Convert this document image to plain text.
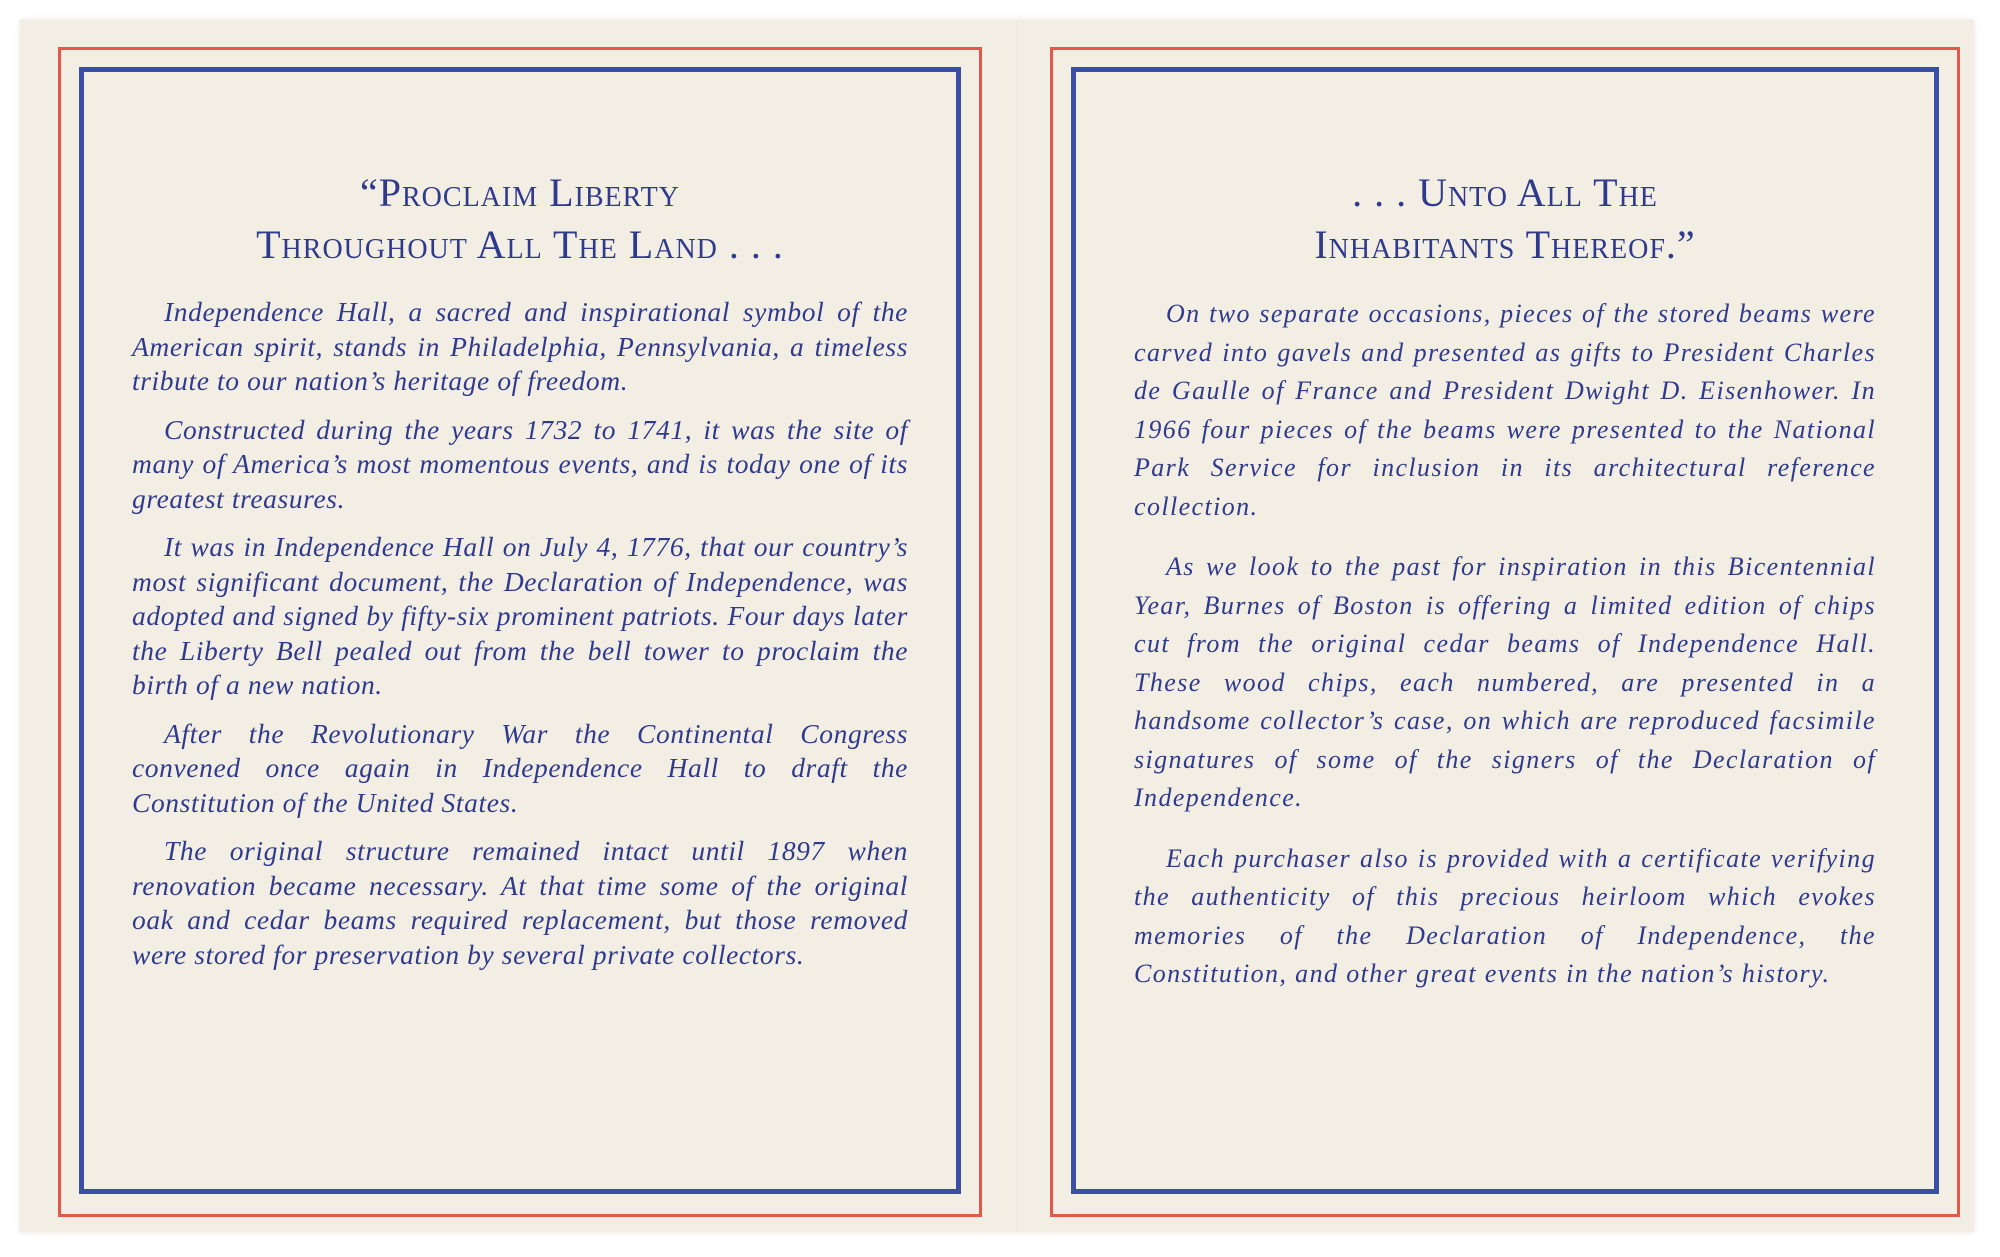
“Proclaim Liberty
Throughout All The Land . . .

Independence Hall, a sacred and inspirational symbol of the American spirit, stands in Philadelphia, Pennsylvania, a timeless tribute to our nation’s heritage of freedom.

Constructed during the years 1732 to 1741, it was the site of many of America’s most momentous events, and is today one of its greatest treasures.

It was in Independence Hall on July 4, 1776, that our country’s most significant document, the Declaration of Independence, was adopted and signed by fifty-six prominent patriots. Four days later the Liberty Bell pealed out from the bell tower to proclaim the birth of a new nation.

After the Revolutionary War the Continental Congress convened once again in Independence Hall to draft the Constitution of the United States.

The original structure remained intact until 1897 when renovation became necessary. At that time some of the original oak and cedar beams required replacement, but those removed were stored for preservation by several private collectors.

. . . Unto All The
Inhabitants Thereof.”

On two separate occasions, pieces of the stored beams were carved into gavels and presented as gifts to President Charles de Gaulle of France and President Dwight D. Eisenhower. In 1966 four pieces of the beams were presented to the National Park Service for inclusion in its architectural reference collection.

As we look to the past for inspiration in this Bicentennial Year, Burnes of Boston is offering a limited edition of chips cut from the original cedar beams of Independence Hall. These wood chips, each numbered, are presented in a handsome collector’s case, on which are reproduced facsimile signatures of some of the signers of the Declaration of Independence.

Each purchaser also is provided with a certificate verifying the authenticity of this precious heirloom which evokes memories of the Declaration of Independence, the Constitution, and other great events in the nation’s history.
